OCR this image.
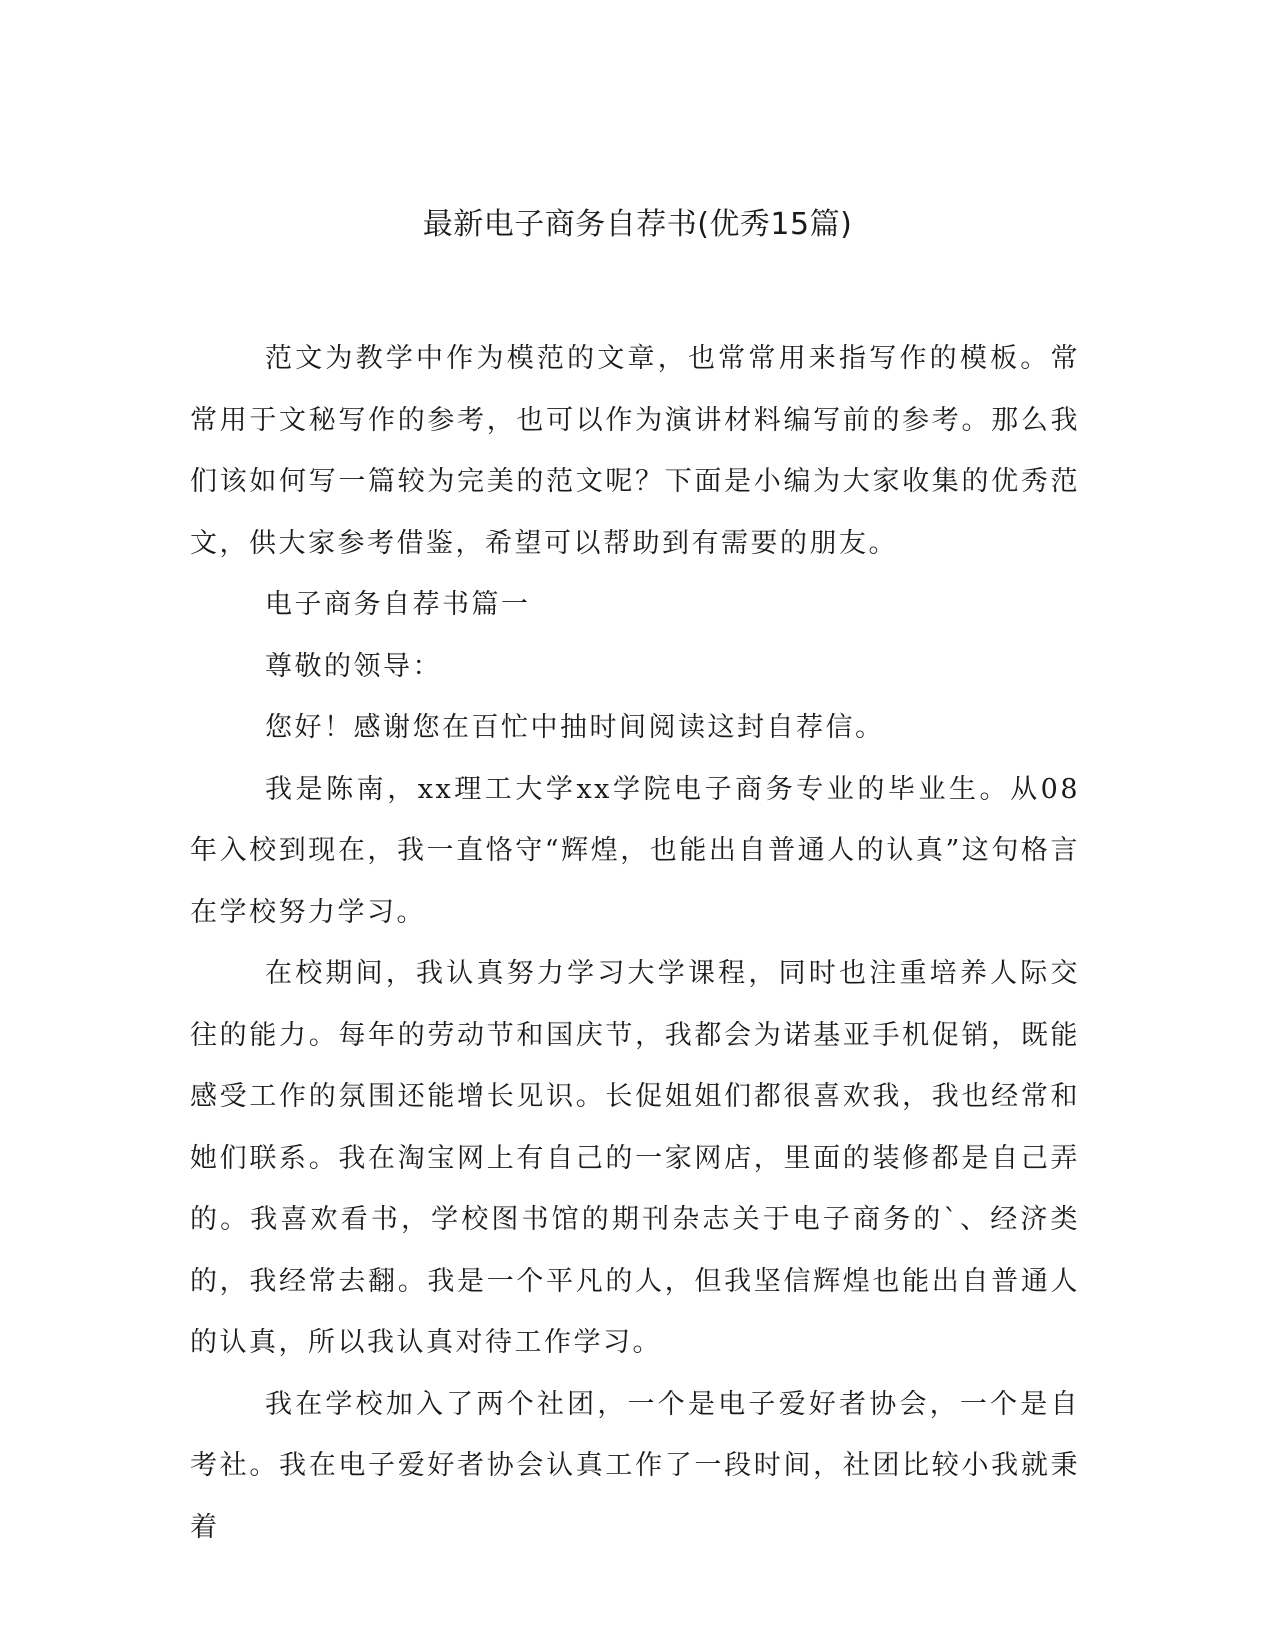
最新电子商务自荐书(优秀15篇)

范文为教学中作为模范的文章，也常常用来指写作的模板。常常用于文秘写作的参考，也可以作为演讲材料编写前的参考。那么我们该如何写一篇较为完美的范文呢？下面是小编为大家收集的优秀范文，供大家参考借鉴，希望可以帮助到有需要的朋友。

电子商务自荐书篇一

尊敬的领导：

您好！感谢您在百忙中抽时间阅读这封自荐信。

我是陈南，xx理工大学xx学院电子商务专业的毕业生。从08年入校到现在，我一直恪守“辉煌，也能出自普通人的认真”这句格言在学校努力学习。

在校期间，我认真努力学习大学课程，同时也注重培养人际交往的能力。每年的劳动节和国庆节，我都会为诺基亚手机促销，既能感受工作的氛围还能增长见识。长促姐姐们都很喜欢我，我也经常和她们联系。我在淘宝网上有自己的一家网店，里面的装修都是自己弄的。我喜欢看书，学校图书馆的期刊杂志关于电子商务的`、经济类的，我经常去翻。我是一个平凡的人，但我坚信辉煌也能出自普通人的认真，所以我认真对待工作学习。

我在学校加入了两个社团，一个是电子爱好者协会，一个是自考社。我在电子爱好者协会认真工作了一段时间，社团比较小我就秉着
